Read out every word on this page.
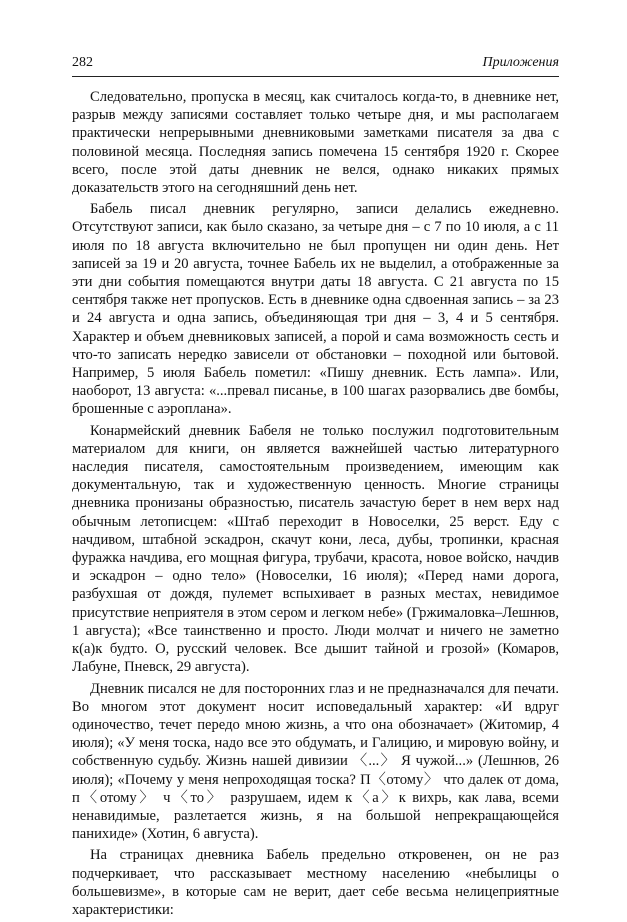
282	Приложения

Следовательно, пропуска в месяц, как считалось когда-то, в дневнике нет, разрыв между записями составляет только четыре дня, и мы располагаем практически непрерывными дневниковыми заметками писателя за два с половиной месяца. Последняя запись помечена 15 сентября 1920 г. Скорее всего, после этой даты дневник не велся, однако никаких прямых доказательств этого на сегодняшний день нет.

Бабель писал дневник регулярно, записи делались ежедневно. Отсутствуют записи, как было сказано, за четыре дня – с 7 по 10 июля, а с 11 июля по 18 августа включительно не был пропущен ни один день. Нет записей за 19 и 20 августа, точнее Бабель их не выделил, а отображенные за эти дни события помещаются внутри даты 18 августа. С 21 августа по 15 сентября также нет пропусков. Есть в дневнике одна сдвоенная запись – за 23 и 24 августа и одна запись, объединяющая три дня – 3, 4 и 5 сентября. Характер и объем дневниковых записей, а порой и сама возможность сесть и что-то записать нередко зависели от обстановки – походной или бытовой. Например, 5 июля Бабель пометил: «Пишу дневник. Есть лампа». Или, наоборот, 13 августа: «...превал писанье, в 100 шагах разорвались две бомбы, брошенные с аэроплана».

Конармейский дневник Бабеля не только послужил подготовительным материалом для книги, он является важнейшей частью литературного наследия писателя, самостоятельным произведением, имеющим как документальную, так и художественную ценность. Многие страницы дневника пронизаны образностью, писатель зачастую берет в нем верх над обычным летописцем: «Штаб переходит в Новоселки, 25 верст. Еду с начдивом, штабной эскадрон, скачут кони, леса, дубы, тропинки, красная фуражка начдива, его мощная фигура, трубачи, красота, новое войско, начдив и эскадрон – одно тело» (Новоселки, 16 июля); «Перед нами дорога, разбухшая от дождя, пулемет вспыхивает в разных местах, невидимое присутствие неприятеля в этом сером и легком небе» (Гржималовка–Лешнюв, 1 августа); «Все таинственно и просто. Люди молчат и ничего не заметно к(а)к будто. О, русский человек. Все дышит тайной и грозой» (Комаров, Лабуне, Пневск, 29 августа).

Дневник писался не для посторонних глаз и не предназначался для печати. Во многом этот документ носит исповедальный характер: «И вдруг одиночество, течет передо мною жизнь, а что она обозначает» (Житомир, 4 июля); «У меня тоска, надо все это обдумать, и Галицию, и мировую войну, и собственную судьбу. Жизнь нашей дивизии 〈...〉 Я чужой...» (Лешнюв, 26 июля); «Почему у меня непроходящая тоска? П〈отому〉 что далек от дома, п〈отому〉 ч〈то〉 разрушаем, идем к〈а〉к вихрь, как лава, всеми ненавидимые, разлетается жизнь, я на большой непрекращающейся панихиде» (Хотин, 6 августа).

На страницах дневника Бабель предельно откровенен, он не раз подчеркивает, что рассказывает местному населению «небылицы о большевизме», в которые сам не верит, дает себе весьма нелицеприятные характеристики:
